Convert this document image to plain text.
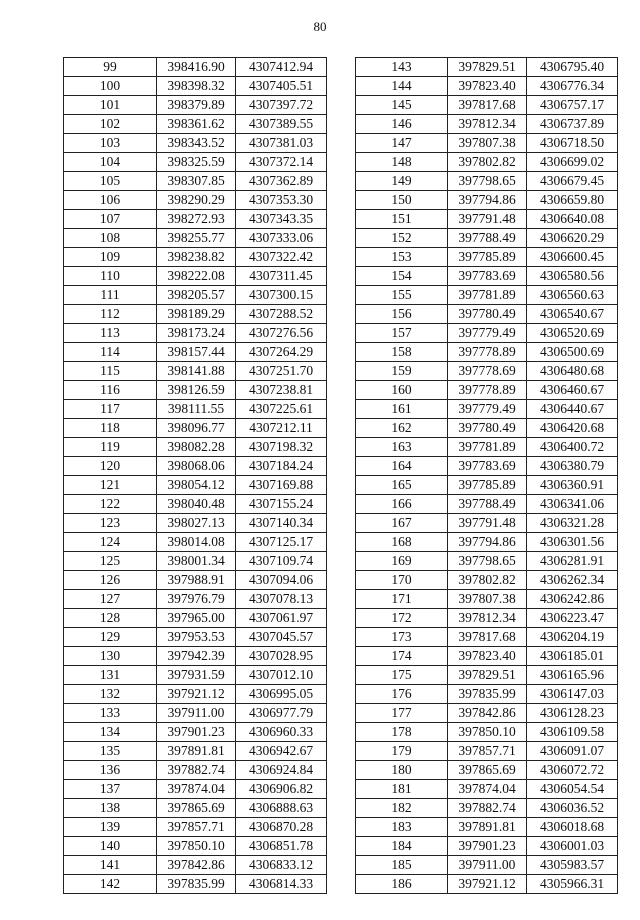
80
99	398416.90	4307412.94
100	398398.32	4307405.51
101	398379.89	4307397.72
102	398361.62	4307389.55
103	398343.52	4307381.03
104	398325.59	4307372.14
105	398307.85	4307362.89
106	398290.29	4307353.30
107	398272.93	4307343.35
108	398255.77	4307333.06
109	398238.82	4307322.42
110	398222.08	4307311.45
111	398205.57	4307300.15
112	398189.29	4307288.52
113	398173.24	4307276.56
114	398157.44	4307264.29
115	398141.88	4307251.70
116	398126.59	4307238.81
117	398111.55	4307225.61
118	398096.77	4307212.11
119	398082.28	4307198.32
120	398068.06	4307184.24
121	398054.12	4307169.88
122	398040.48	4307155.24
123	398027.13	4307140.34
124	398014.08	4307125.17
125	398001.34	4307109.74
126	397988.91	4307094.06
127	397976.79	4307078.13
128	397965.00	4307061.97
129	397953.53	4307045.57
130	397942.39	4307028.95
131	397931.59	4307012.10
132	397921.12	4306995.05
133	397911.00	4306977.79
134	397901.23	4306960.33
135	397891.81	4306942.67
136	397882.74	4306924.84
137	397874.04	4306906.82
138	397865.69	4306888.63
139	397857.71	4306870.28
140	397850.10	4306851.78
141	397842.86	4306833.12
142	397835.99	4306814.33
143	397829.51	4306795.40
144	397823.40	4306776.34
145	397817.68	4306757.17
146	397812.34	4306737.89
147	397807.38	4306718.50
148	397802.82	4306699.02
149	397798.65	4306679.45
150	397794.86	4306659.80
151	397791.48	4306640.08
152	397788.49	4306620.29
153	397785.89	4306600.45
154	397783.69	4306580.56
155	397781.89	4306560.63
156	397780.49	4306540.67
157	397779.49	4306520.69
158	397778.89	4306500.69
159	397778.69	4306480.68
160	397778.89	4306460.67
161	397779.49	4306440.67
162	397780.49	4306420.68
163	397781.89	4306400.72
164	397783.69	4306380.79
165	397785.89	4306360.91
166	397788.49	4306341.06
167	397791.48	4306321.28
168	397794.86	4306301.56
169	397798.65	4306281.91
170	397802.82	4306262.34
171	397807.38	4306242.86
172	397812.34	4306223.47
173	397817.68	4306204.19
174	397823.40	4306185.01
175	397829.51	4306165.96
176	397835.99	4306147.03
177	397842.86	4306128.23
178	397850.10	4306109.58
179	397857.71	4306091.07
180	397865.69	4306072.72
181	397874.04	4306054.54
182	397882.74	4306036.52
183	397891.81	4306018.68
184	397901.23	4306001.03
185	397911.00	4305983.57
186	397921.12	4305966.31
